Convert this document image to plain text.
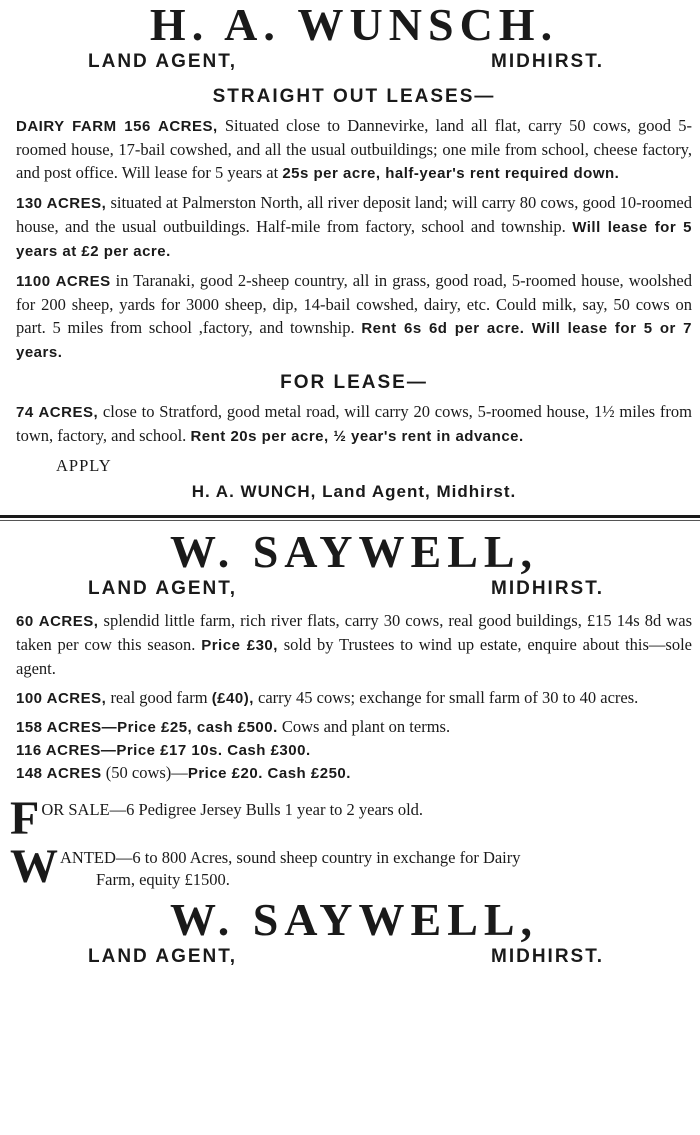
H. A. WUNSCH.
LAND AGENT,	MIDHIRST.
STRAIGHT OUT LEASES—

DAIRY FARM 156 ACRES, Situated close to Dannevirke, land all flat, carry 50 cows, good 5-roomed house, 17-bail cowshed, and all the usual outbuildings; one mile from school, cheese factory, and post office. Will lease for 5 years at 25s per acre, half-year's rent required down.

130 ACRES, situated at Palmerston North, all river deposit land; will carry 80 cows, good 10-roomed house, and the usual outbuildings. Half-mile from factory, school and township. Will lease for 5 years at £2 per acre.

1100 ACRES in Taranaki, good 2-sheep country, all in grass, good road, 5-roomed house, woolshed for 200 sheep, yards for 3000 sheep, dip, 14-bail cowshed, dairy, etc. Could milk, say, 50 cows on part. 5 miles from school ,factory, and township. Rent 6s 6d per acre. Will lease for 5 or 7 years.

FOR LEASE—

74 ACRES, close to Stratford, good metal road, will carry 20 cows, 5-roomed house, 1½ miles from town, factory, and school. Rent 20s per acre, ½ year's rent in advance.

APPLY
H. A. WUNCH, Land Agent, Midhirst.
W. SAYWELL,
LAND AGENT,	MIDHIRST.

60 ACRES, splendid little farm, rich river flats, carry 30 cows, real good buildings, £15 14s 8d was taken per cow this season. Price £30, sold by Trustees to wind up estate, enquire about this—sole agent.

100 ACRES, real good farm (£40), carry 45 cows; exchange for small farm of 30 to 40 acres.

158 ACRES—Price £25, cash £500. Cows and plant on terms.

116 ACRES—Price £17 10s. Cash £300.

148 ACRES (50 cows)—Price £20. Cash £250.

F OR SALE—6 Pedigree Jersey Bulls 1 year to 2 years old.
W ANTED—6 to 800 Acres, sound sheep country in exchange for Dairy
Farm, equity £1500.
W. SAYWELL,
LAND AGENT,	MIDHIRST.
